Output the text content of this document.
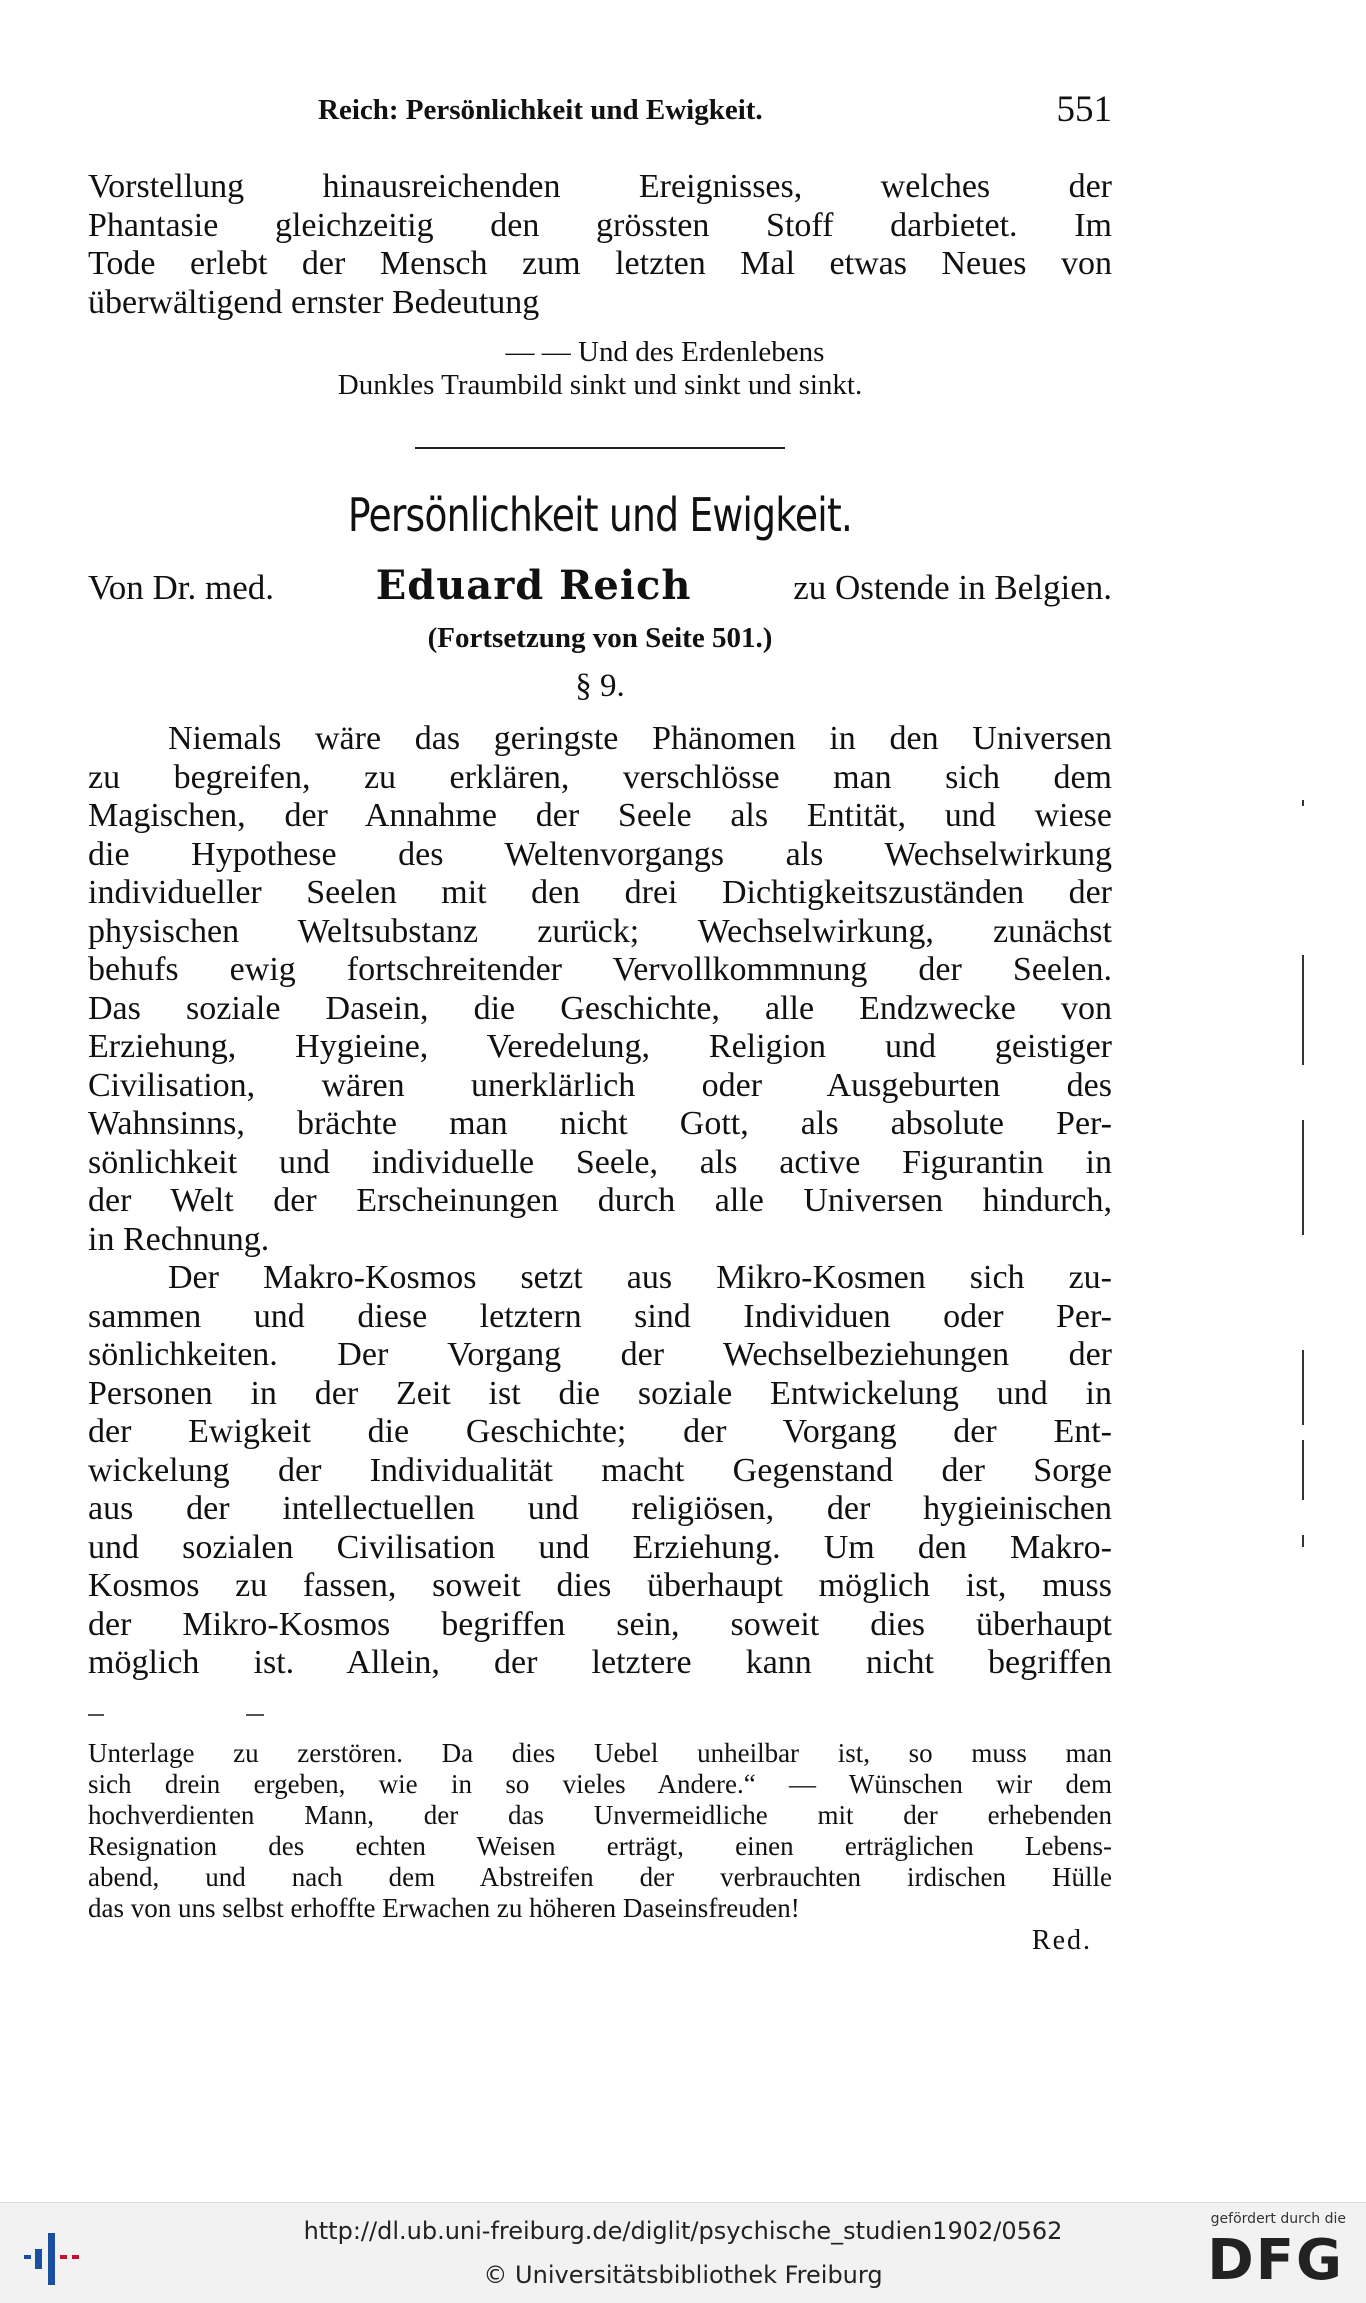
Reich: Persönlichkeit und Ewigkeit.	551
Vorstellung hinausreichenden Ereignisses, welches der
Phantasie gleichzeitig den grössten Stoff darbietet. Im
Tode erlebt der Mensch zum letzten Mal etwas Neues von
überwältigend ernster Bedeutung
— — Und des Erdenlebens
Dunkles Traumbild sinkt und sinkt und sinkt.
Persönlichkeit und Ewigkeit.
Von Dr. med.	Eduard Reich	zu Ostende in Belgien.
(Fortsetzung von Seite 501.)
§ 9.
Niemals wäre das geringste Phänomen in den Universen
zu begreifen, zu erklären, verschlösse man sich dem
Magischen, der Annahme der Seele als Entität, und wiese
die Hypothese des Weltenvorgangs als Wechselwirkung
individueller Seelen mit den drei Dichtigkeitszuständen der
physischen Weltsubstanz zurück; Wechselwirkung, zunächst
behufs ewig fortschreitender Vervollkommnung der Seelen.
Das soziale Dasein, die Geschichte, alle Endzwecke von
Erziehung, Hygieine, Veredelung, Religion und geistiger
Civilisation, wären unerklärlich oder Ausgeburten des
Wahnsinns, brächte man nicht Gott, als absolute Per-
sönlichkeit und individuelle Seele, als active Figurantin in
der Welt der Erscheinungen durch alle Universen hindurch,
in Rechnung.
Der Makro-Kosmos setzt aus Mikro-Kosmen sich zu-
sammen und diese letztern sind Individuen oder Per-
sönlichkeiten. Der Vorgang der Wechselbeziehungen der
Personen in der Zeit ist die soziale Entwickelung und in
der Ewigkeit die Geschichte; der Vorgang der Ent-
wickelung der Individualität macht Gegenstand der Sorge
aus der intellectuellen und religiösen, der hygieinischen
und sozialen Civilisation und Erziehung. Um den Makro-
Kosmos zu fassen, soweit dies überhaupt möglich ist, muss
der Mikro-Kosmos begriffen sein, soweit dies überhaupt
möglich ist. Allein, der letztere kann nicht begriffen
Unterlage zu zerstören. Da dies Uebel unheilbar ist, so muss man
sich drein ergeben, wie in so vieles Andere.“ — Wünschen wir dem
hochverdienten Mann, der das Unvermeidliche mit der erhebenden
Resignation des echten Weisen erträgt, einen erträglichen Lebens-
abend, und nach dem Abstreifen der verbrauchten irdischen Hülle
das von uns selbst erhoffte Erwachen zu höheren Daseinsfreuden!
Red.
http://dl.ub.uni-freiburg.de/diglit/psychische_studien1902/0562
© Universitätsbibliothek Freiburg
gefördert durch die
DFG
